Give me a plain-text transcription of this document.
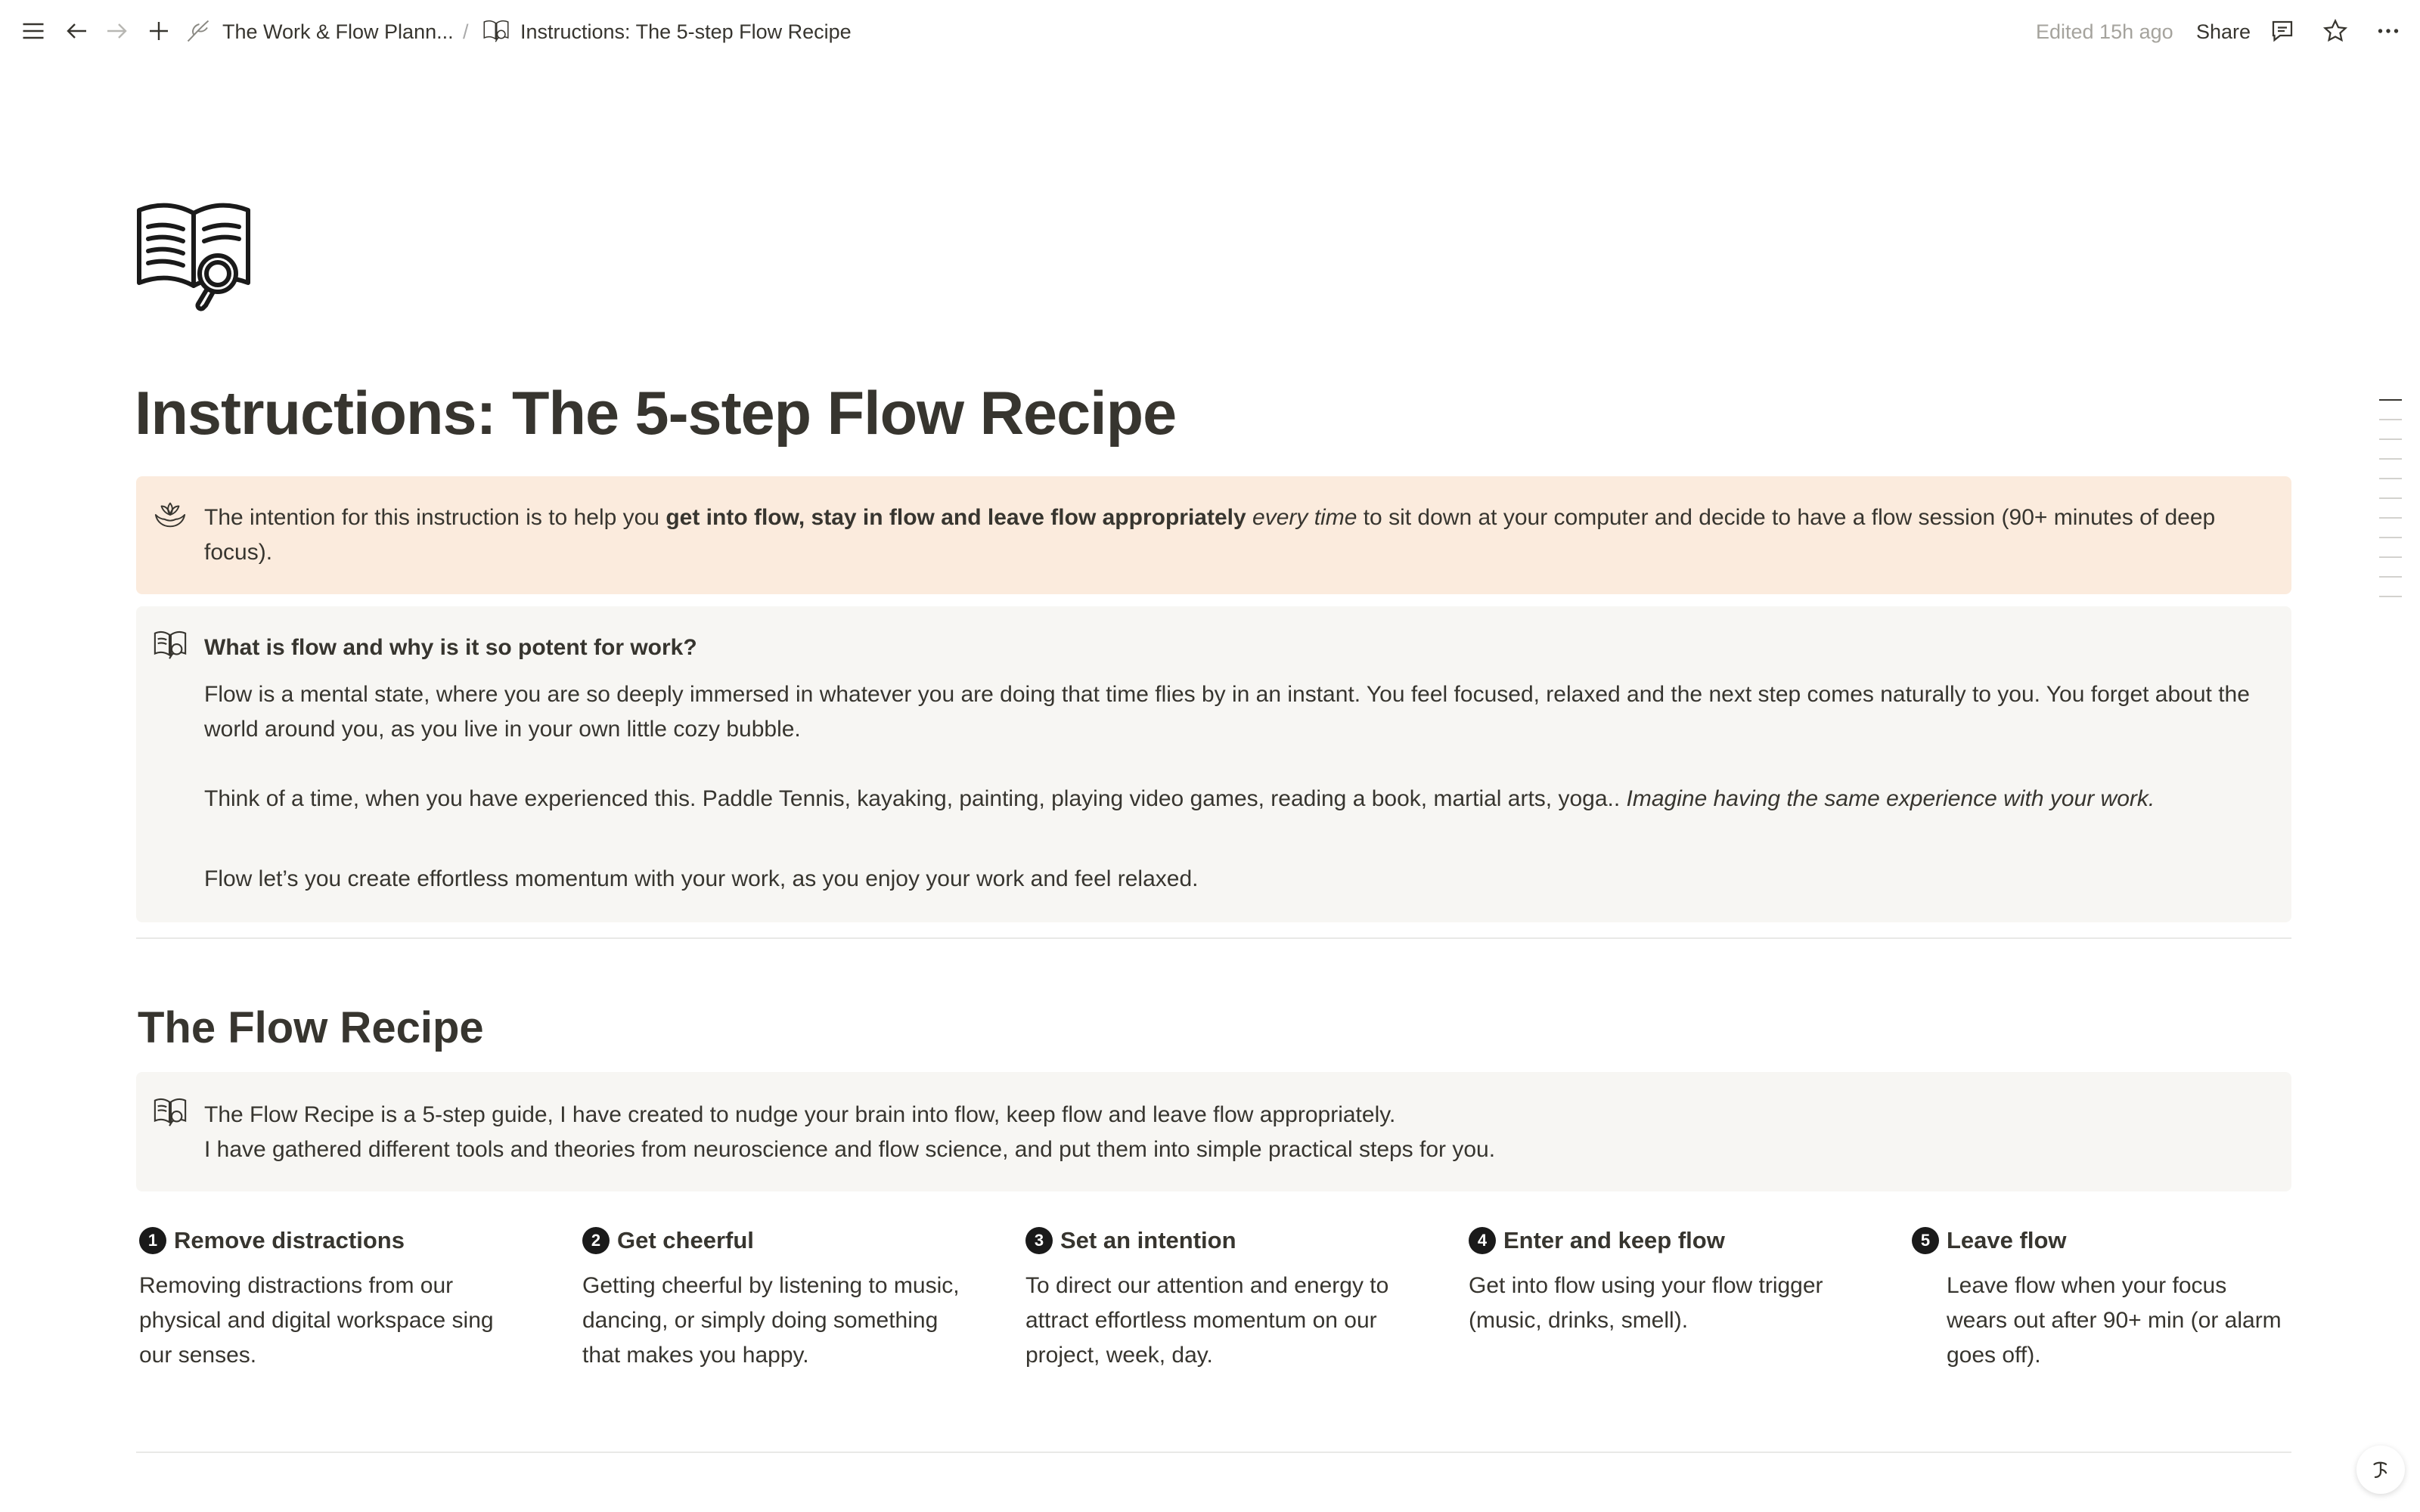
The Work & Flow Plann... /	Instructions: The 5-step Flow Recipe	Edited 15h ago Share
Instructions: The 5-step Flow Recipe

The intention for this instruction is to help you get into flow, stay in flow and leave flow appropriately every time to sit down at your computer and decide to have a flow session (90+ minutes of deep focus).

What is flow and why is it so potent for work?

Flow is a mental state, where you are so deeply immersed in whatever you are doing that time flies by in an instant. You feel focused, relaxed and the next step comes naturally to you. You forget about the world around you, as you live in your own little cozy bubble.

Think of a time, when you have experienced this. Paddle Tennis, kayaking, painting, playing video games, reading a book, martial arts, yoga.. Imagine having the same experience with your work.

Flow let’s you create effortless momentum with your work, as you enjoy your work and feel relaxed.

The Flow Recipe

The Flow Recipe is a 5-step guide, I have created to nudge your brain into flow, keep flow and leave flow appropriately.

I have gathered different tools and theories from neuroscience and flow science, and put them into simple practical steps for you.

1 Remove distractions

Removing distractions from our physical and digital workspace sing our senses.

2 Get cheerful

Getting cheerful by listening to music, dancing, or simply doing something that makes you happy.

3 Set an intention

To direct our attention and energy to attract effortless momentum on our project, week, day.

4 Enter and keep flow

Get into flow using your flow trigger (music, drinks, smell).

5 Leave flow

Leave flow when your focus wears out after 90+ min (or alarm goes off).
